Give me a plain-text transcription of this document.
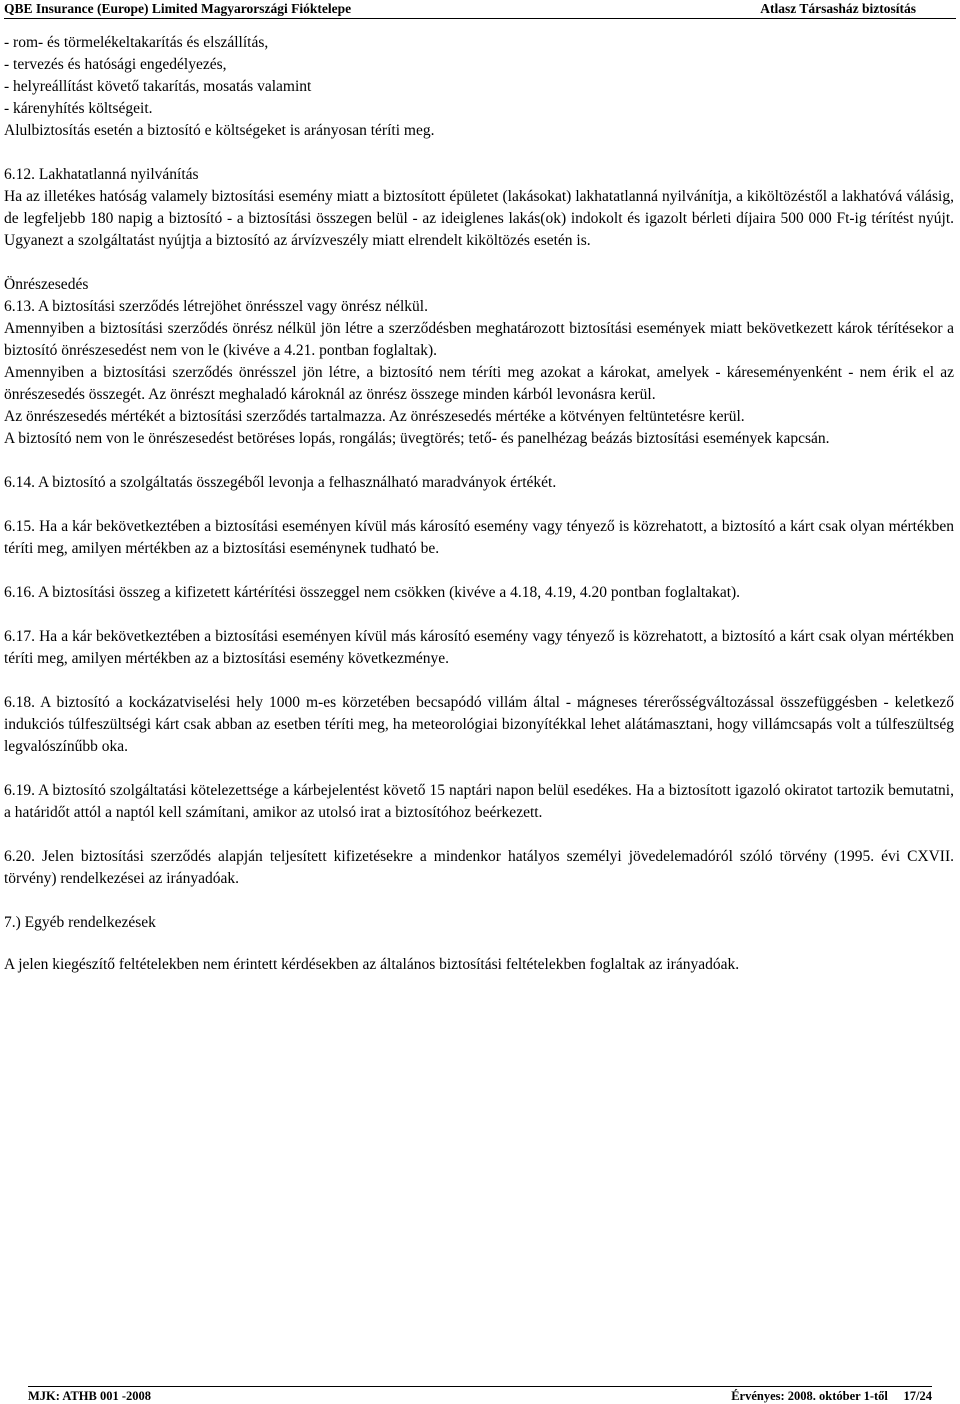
QBE Insurance (Europe) Limited Magyarországi Fióktelepe	Atlasz Társasház biztosítás

- rom- és törmelékeltakarítás és elszállítás,

- tervezés és hatósági engedélyezés,

- helyreállítást követő takarítás, mosatás valamint

- kárenyhítés költségeit.

Alulbiztosítás esetén a biztosító e költségeket is arányosan téríti meg.

6.12. Lakhatatlanná nyilvánítás

Ha az illetékes hatóság valamely biztosítási esemény miatt a biztosított épületet (lakásokat) lakhatatlanná nyilvánítja, a kiköltözéstől a lakhatóvá válásig, de legfeljebb 180 napig a biztosító - a biztosítási összegen belül - az ideiglenes lakás(ok) indokolt és igazolt bérleti díjaira 500 000 Ft-ig térítést nyújt. Ugyanezt a szolgáltatást nyújtja a biztosító az árvízveszély miatt elrendelt kiköltözés esetén is.

Önrészesedés

6.13. A biztosítási szerződés létrejöhet önrésszel vagy önrész nélkül.

Amennyiben a biztosítási szerződés önrész nélkül jön létre a szerződésben meghatározott biztosítási események miatt bekövetkezett károk térítésekor a biztosító önrészesedést nem von le (kivéve a 4.21. pontban foglaltak).

Amennyiben a biztosítási szerződés önrésszel jön létre, a biztosító nem téríti meg azokat a károkat, amelyek - káreseményenként - nem érik el az önrészesedés összegét. Az önrészt meghaladó károknál az önrész összege minden kárból levonásra kerül.

Az önrészesedés mértékét a biztosítási szerződés tartalmazza. Az önrészesedés mértéke a kötvényen feltüntetésre kerül.

A biztosító nem von le önrészesedést betöréses lopás, rongálás; üvegtörés; tető- és panelhézag beázás biztosítási események kapcsán.

6.14. A biztosító a szolgáltatás összegéből levonja a felhasználható maradványok értékét.

6.15. Ha a kár bekövetkeztében a biztosítási eseményen kívül más károsító esemény vagy tényező is közrehatott, a biztosító a kárt csak olyan mértékben téríti meg, amilyen mértékben az a biztosítási eseménynek tudható be.

6.16. A biztosítási összeg a kifizetett kártérítési összeggel nem csökken (kivéve a 4.18, 4.19, 4.20 pontban foglaltakat).

6.17. Ha a kár bekövetkeztében a biztosítási eseményen kívül más károsító esemény vagy tényező is közrehatott, a biztosító a kárt csak olyan mértékben téríti meg, amilyen mértékben az a biztosítási esemény következménye.

6.18. A biztosító a kockázatviselési hely 1000 m-es körzetében becsapódó villám által - mágneses térerősségváltozással összefüggésben - keletkező indukciós túlfeszültségi kárt csak abban az esetben téríti meg, ha meteorológiai bizonyítékkal lehet alátámasztani, hogy villámcsapás volt a túlfeszültség legvalószínűbb oka.

6.19. A biztosító szolgáltatási kötelezettsége a kárbejelentést követő 15 naptári napon belül esedékes. Ha a biztosított igazoló okiratot tartozik bemutatni, a határidőt attól a naptól kell számítani, amikor az utolsó irat a biztosítóhoz beérkezett.

6.20. Jelen biztosítási szerződés alapján teljesített kifizetésekre a mindenkor hatályos személyi jövedelemadóról szóló törvény (1995. évi CXVII. törvény) rendelkezései az irányadóak.

7.) Egyéb rendelkezések

A jelen kiegészítő feltételekben nem érintett kérdésekben az általános biztosítási feltételekben foglaltak az irányadóak.

MJK: ATHB 001 -2008	Érvényes: 2008. október 1-től     17/24
